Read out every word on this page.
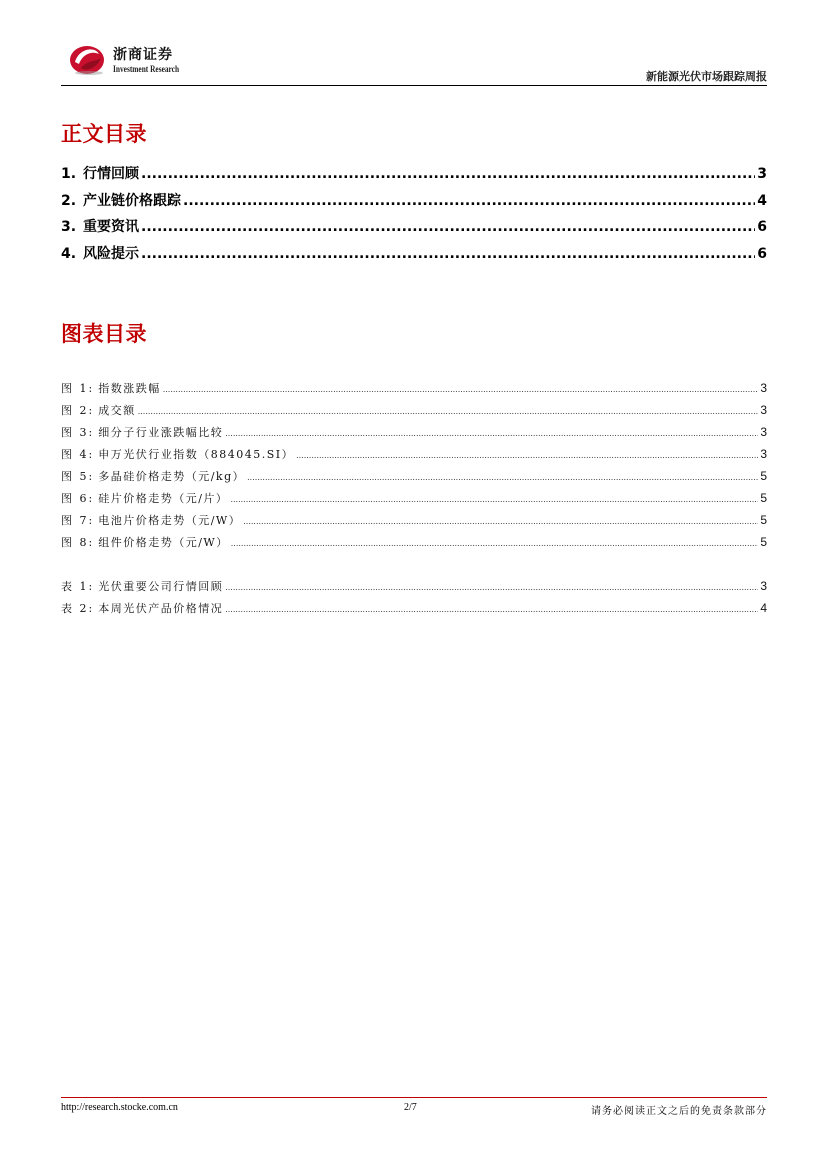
浙商证券
Investment Research
新能源光伏市场跟踪周报
正文目录
1. 行情回顾 .....	3
2. 产业链价格跟踪 .....	4
3. 重要资讯 .....	6
4. 风险提示 .....	6
图表目录
图 1 : 指数涨跌幅 .....	3
图 2 : 成交额 .....	3
图 3 : 细分子行业涨跌幅比较 .....	3
图 4 : 申万光伏行业指数（884045.SI） .....	3
图 5 : 多晶硅价格走势（元/kg） .....	5
图 6 : 硅片价格走势（元/片） .....	5
图 7 : 电池片价格走势（元/W） .....	5
图 8 : 组件价格走势（元/W） .....	5
表 1 : 光伏重要公司行情回顾 .....	3
表 2 : 本周光伏产品价格情况 .....	4
http://research.stocke.com.cn	2/7	请务必阅读正文之后的免责条款部分
